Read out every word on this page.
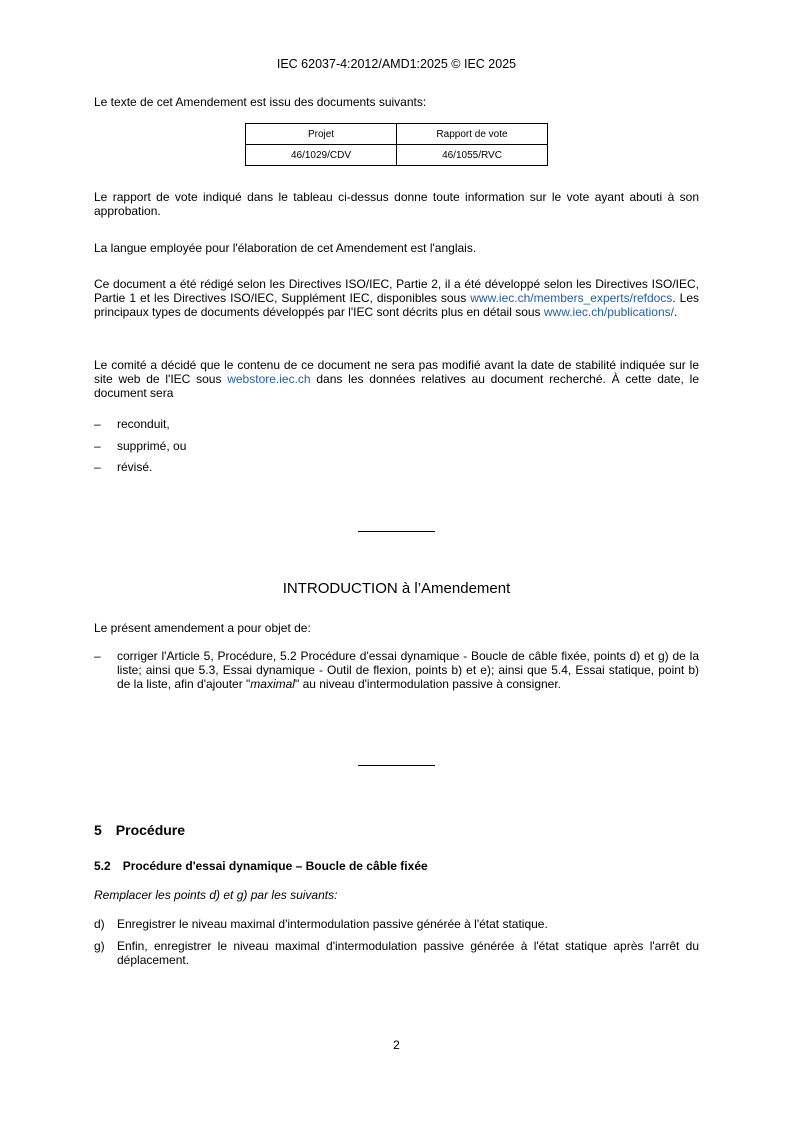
IEC 62037-4:2012/AMD1:2025 © IEC 2025

Le texte de cet Amendement est issu des documents suivants:

Projet	Rapport de vote
46/1029/CDV	46/1055/RVC

Le rapport de vote indiqué dans le tableau ci-dessus donne toute information sur le vote ayant abouti à son approbation.

La langue employée pour l'élaboration de cet Amendement est l'anglais.

Ce document a été rédigé selon les Directives ISO/IEC, Partie 2, il a été développé selon les Directives ISO/IEC, Partie 1 et les Directives ISO/IEC, Supplément IEC, disponibles sous www.iec.ch/members_experts/refdocs. Les principaux types de documents développés par l'IEC sont décrits plus en détail sous www.iec.ch/publications/.

Le comité a décidé que le contenu de ce document ne sera pas modifié avant la date de stabilité indiquée sur le site web de l'IEC sous webstore.iec.ch dans les données relatives au document recherché. À cette date, le document sera

– reconduit,
– supprimé, ou
– révisé.
INTRODUCTION à l’Amendement

Le présent amendement a pour objet de:

– corriger l'Article 5, Procédure, 5.2 Procédure d'essai dynamique - Boucle de câble fixée, points d) et g) de la liste; ainsi que 5.3, Essai dynamique - Outil de flexion, points b) et e); ainsi que 5.4, Essai statique, point b) de la liste, afin d'ajouter "maximal" au niveau d'intermodulation passive à consigner.

5 Procédure
5.2 Procédure d'essai dynamique – Boucle de câble fixée

Remplacer les points d) et g) par les suivants:

d) Enregistrer le niveau maximal d'intermodulation passive générée à l'état statique.

g) Enfin, enregistrer le niveau maximal d'intermodulation passive générée à l'état statique après l'arrêt du déplacement.

2
